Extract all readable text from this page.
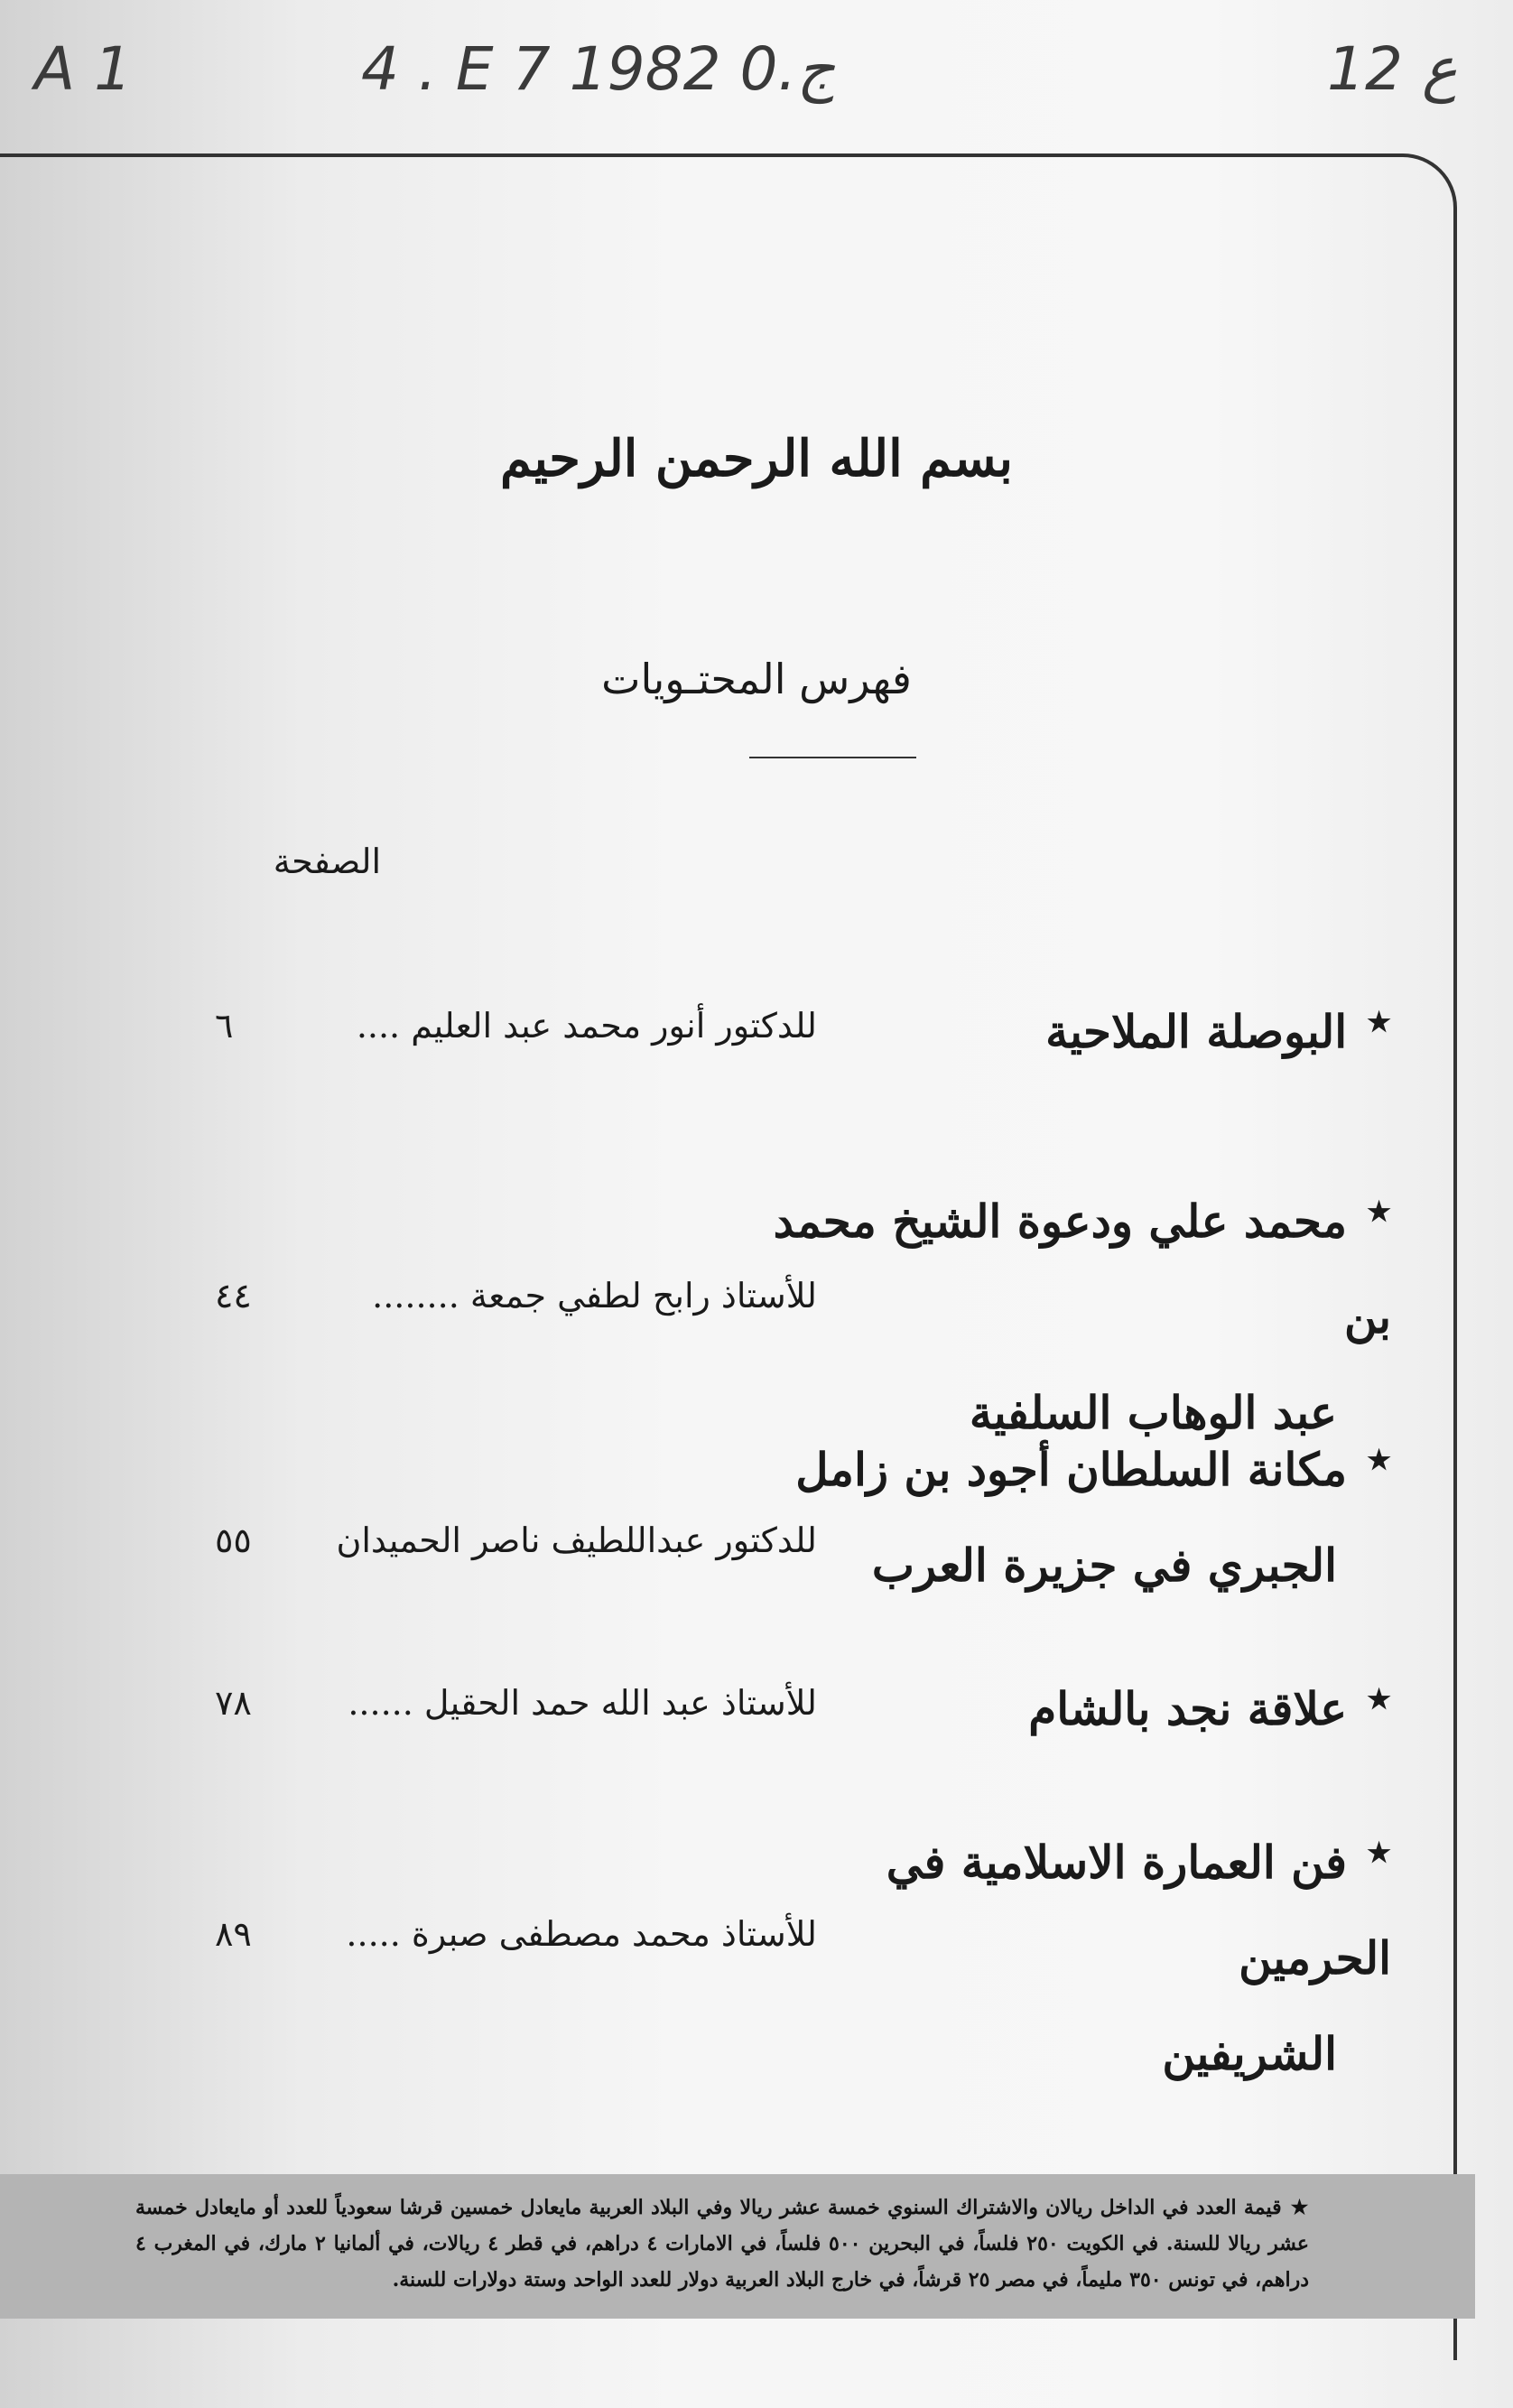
A 1	4 . E 7 ج.0 1982	ع 12
بسم الله الرحمن الرحيم
فهرس المحتـويات
الصفحة
★البوصلة الملاحية
للدكتور أنور محمد عبد العليم ....
٦
★محمد علي ودعوة الشيخ محمد بن
عبد الوهاب السلفية
للأستاذ رابح لطفي جمعة ........
٤٤
★مكانة السلطان أجود بن زامل
الجبري في جزيرة العرب
للدكتور عبداللطيف ناصر الحميدان
٥٥
★علاقة نجد بالشام
للأستاذ عبد الله حمد الحقيل ......
٧٨
★فن العمارة الاسلامية في الحرمين
الشريفين
للأستاذ محمد مصطفى صبرة .....
٨٩
★قيمة العدد في الداخل ريالان والاشتراك السنوي خمسة عشر ريالا وفي البلاد العربية مايعادل خمسين قرشا سعودياً للعدد أو مايعادل خمسة عشر ريالا للسنة. في الكويت ٢٥٠ فلساً، في البحرين ٥٠٠ فلساً، في الامارات ٤ دراهم، في قطر ٤ ريالات، في ألمانيا ٢ مارك، في المغرب ٤ دراهم، في تونس ٣٥٠ مليماً، في مصر ٢٥ قرشاً، في خارج البلاد العربية دولار للعدد الواحد وستة دولارات للسنة.
